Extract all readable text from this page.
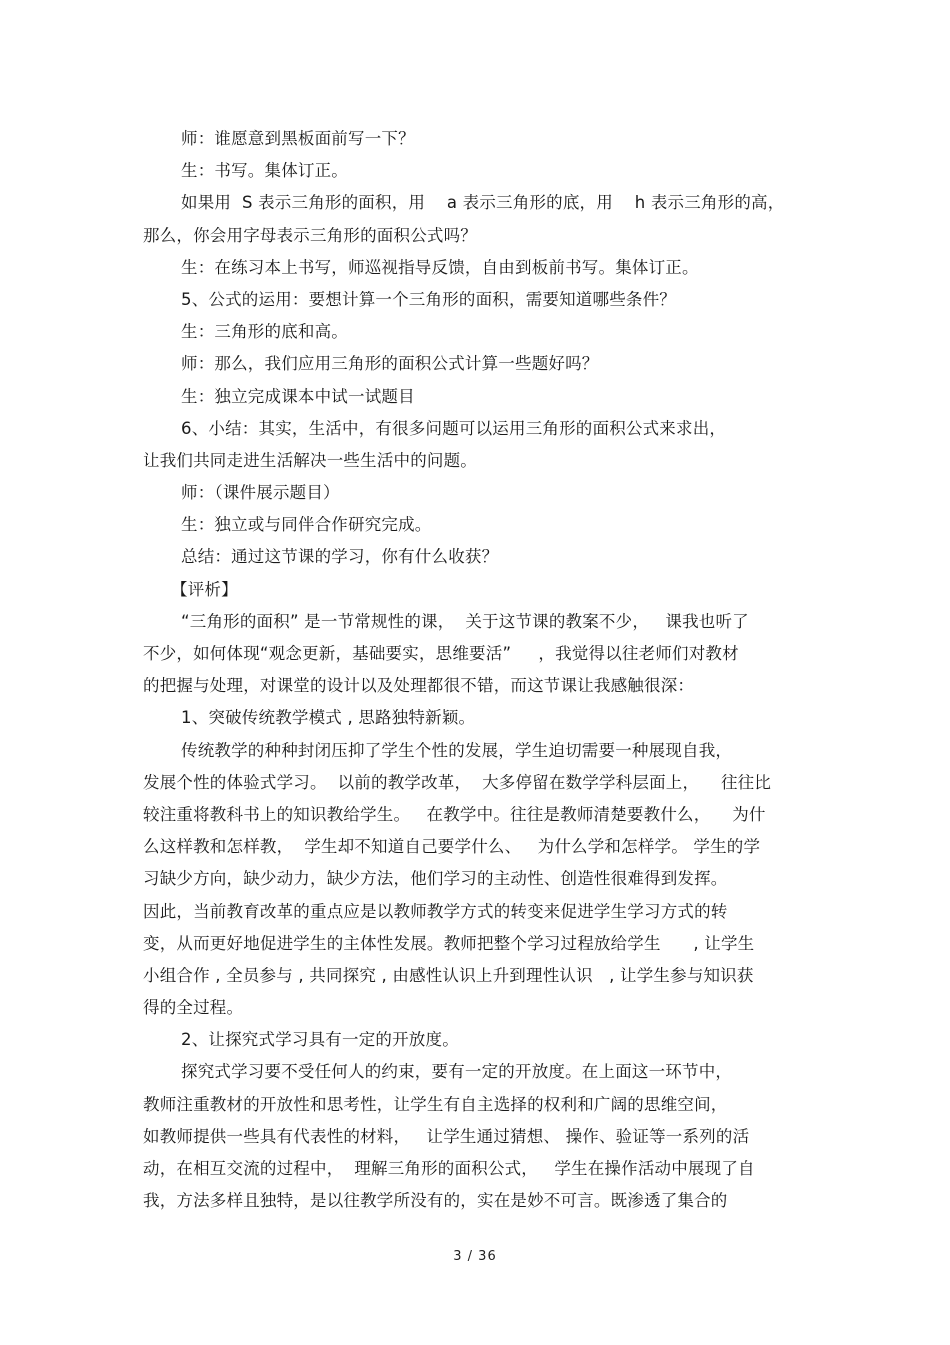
师：谁愿意到黑板面前写一下？
生：书写。集体订正。
如果用  S 表示三角形的面积，用    a 表示三角形的底，用    h 表示三角形的高，
那么，你会用字母表示三角形的面积公式吗？
生：在练习本上书写，师巡视指导反馈，自由到板前书写。集体订正。
5、公式的运用：要想计算一个三角形的面积，需要知道哪些条件？
生：三角形的底和高。
师：那么，我们应用三角形的面积公式计算一些题好吗？
生：独立完成课本中试一试题目
6、小结：其实，生活中，有很多问题可以运用三角形的面积公式来求出，
让我们共同走进生活解决一些生活中的问题。
师：（课件展示题目）
生：独立或与同伴合作研究完成。
总结：通过这节课的学习，你有什么收获？
【评析】
“三角形的面积” 是一节常规性的课，  关于这节课的教案不少，   课我也听了
不少，如何体现“观念更新，基础要实，思维要活”     ，我觉得以往老师们对教材
的把握与处理，对课堂的设计以及处理都很不错，而这节课让我感触很深：
1、突破传统教学模式 , 思路独特新颖。
传统教学的种种封闭压抑了学生个性的发展，学生迫切需要一种展现自我，
发展个性的体验式学习。  以前的教学改革，  大多停留在数学学科层面上，    往往比
较注重将教科书上的知识教给学生。   在教学中。往往是教师清楚要教什么，    为什
么这样教和怎样教，  学生却不知道自己要学什么、   为什么学和怎样学。 学生的学
习缺少方向，缺少动力，缺少方法，他们学习的主动性、创造性很难得到发挥。
因此，当前教育改革的重点应是以教师教学方式的转变来促进学生学习方式的转
变，从而更好地促进学生的主体性发展。教师把整个学习过程放给学生      , 让学生
小组合作 , 全员参与 , 共同探究 , 由感性认识上升到理性认识   , 让学生参与知识获
得的全过程。
2、让探究式学习具有一定的开放度。
探究式学习要不受任何人的约束，要有一定的开放度。在上面这一环节中，
教师注重教材的开放性和思考性，让学生有自主选择的权利和广阔的思维空间，
如教师提供一些具有代表性的材料，   让学生通过猜想、 操作、验证等一系列的活
动，在相互交流的过程中，  理解三角形的面积公式，   学生在操作活动中展现了自
我，方法多样且独特，是以往教学所没有的，实在是妙不可言。既渗透了集合的
3 / 36
